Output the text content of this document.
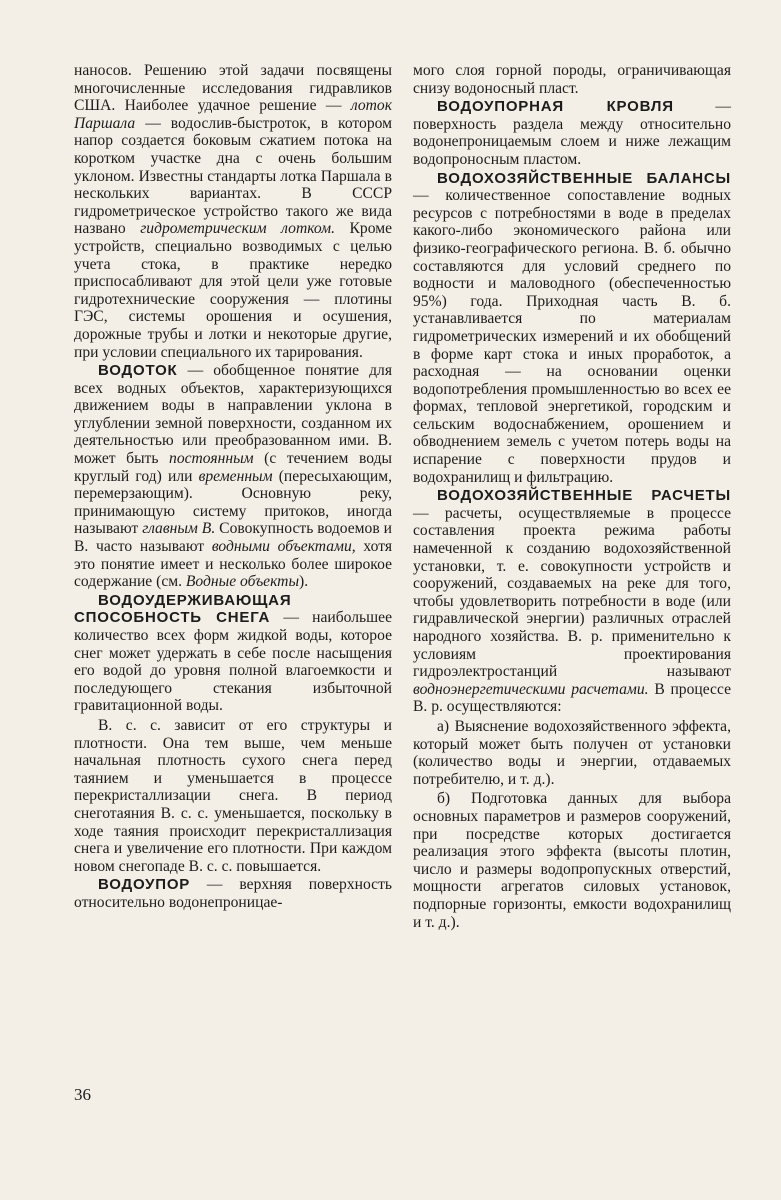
наносов. Решению этой задачи посвящены многочисленные исследования гидравликов США. Наиболее удачное решение — лоток Паршала — водослив-быстроток, в котором напор создается боковым сжатием потока на коротком участке дна с очень большим уклоном. Известны стандарты лотка Паршала в нескольких вариантах. В СССР гидрометрическое устройство такого же вида названо гидрометрическим лотком. Кроме устройств, специально возводимых с целью учета стока, в практике нередко приспосабливают для этой цели уже готовые гидротехнические сооружения — плотины ГЭС, системы орошения и осушения, дорожные трубы и лотки и некоторые другие, при условии специального их тарирования.

ВОДОТОК — обобщенное понятие для всех водных объектов, характеризующихся движением воды в направлении уклона в углублении земной поверхности, созданном их деятельностью или преобразованном ими. В. может быть постоянным (с течением воды круглый год) или временным (пересыхающим, перемерзающим). Основную реку, принимающую систему притоков, иногда называют главным В. Совокупность водоемов и В. часто называют водными объектами, хотя это понятие имеет и несколько более широкое содержание (см. Водные объекты).

ВОДОУДЕРЖИВАЮЩАЯ СПОСОБНОСТЬ СНЕГА — наибольшее количество всех форм жидкой воды, которое снег может удержать в себе после насыщения его водой до уровня полной влагоемкости и последующего стекания избыточной гравитационной воды.

В. с. с. зависит от его структуры и плотности. Она тем выше, чем меньше начальная плотность сухого снега перед таянием и уменьшается в процессе перекристаллизации снега. В период снеготаяния В. с. с. уменьшается, поскольку в ходе таяния происходит перекристаллизация снега и увеличение его плотности. При каждом новом снегопаде В. с. с. повышается.

ВОДОУПОР — верхняя поверхность относительно водонепроницае-

мого слоя горной породы, ограничивающая снизу водоносный пласт.

ВОДОУПОРНАЯ КРОВЛЯ — поверхность раздела между относительно водонепроницаемым слоем и ниже лежащим водопроносным пластом.

ВОДОХОЗЯЙСТВЕННЫЕ БАЛАНСЫ — количественное сопоставление водных ресурсов с потребностями в воде в пределах какого-либо экономического района или физико-географического региона. В. б. обычно составляются для условий среднего по водности и маловодного (обеспеченностью 95%) года. Приходная часть В. б. устанавливается по материалам гидрометрических измерений и их обобщений в форме карт стока и иных проработок, а расходная — на основании оценки водопотребления промышленностью во всех ее формах, тепловой энергетикой, городским и сельским водоснабжением, орошением и обводнением земель с учетом потерь воды на испарение с поверхности прудов и водохранилищ и фильтрацию.

ВОДОХОЗЯЙСТВЕННЫЕ РАСЧЕТЫ — расчеты, осуществляемые в процессе составления проекта режима работы намеченной к созданию водохозяйственной установки, т. е. совокупности устройств и сооружений, создаваемых на реке для того, чтобы удовлетворить потребности в воде (или гидравлической энергии) различных отраслей народного хозяйства. В. р. применительно к условиям проектирования гидроэлектростанций называют водноэнергетическими расчетами. В процессе В. р. осуществляются:

а) Выяснение водохозяйственного эффекта, который может быть получен от установки (количество воды и энергии, отдаваемых потребителю, и т. д.).

б) Подготовка данных для выбора основных параметров и размеров сооружений, при посредстве которых достигается реализация этого эффекта (высоты плотин, число и размеры водопропускных отверстий, мощности агрегатов силовых установок, подпорные горизонты, емкости водохранилищ и т. д.).

36
